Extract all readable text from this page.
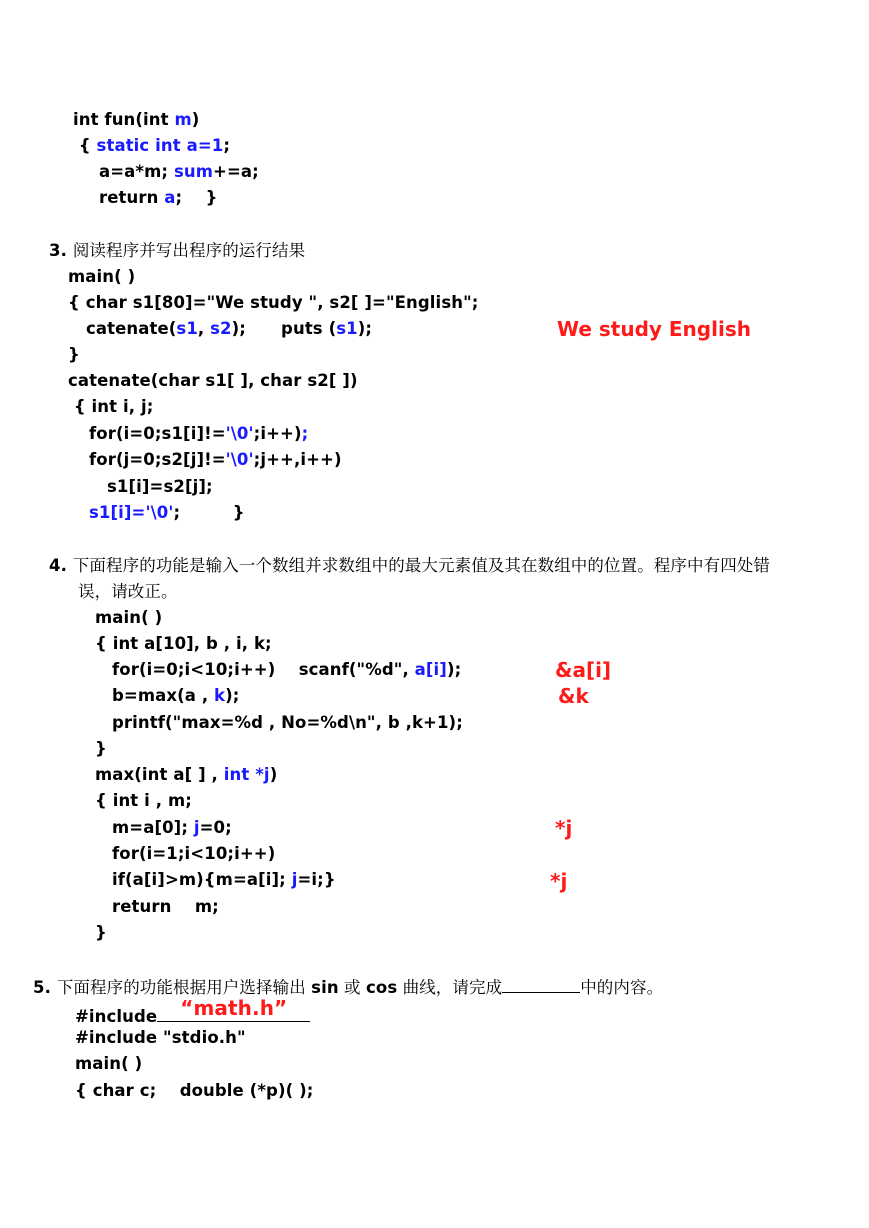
int fun(int m)
{ static int a=1;
a=a*m; sum+=a;
return a;    }
3. 阅读程序并写出程序的运行结果
main( )
{ char s1[80]="We study ", s2[ ]="English";
catenate(s1, s2);      puts (s1);	We study English
}
catenate(char s1[ ], char s2[ ])
{ int i, j;
for(i=0;s1[i]!='\0';i++);
for(j=0;s2[j]!='\0';j++,i++)
s1[i]=s2[j];
s1[i]='\0';         }
4. 下面程序的功能是输入一个数组并求数组中的最大元素值及其在数组中的位置。程序中有四处错
误，请改正。
main( )
{ int a[10], b , i, k;
for(i=0;i<10;i++)    scanf("%d", a[i]);	&a[i]
b=max(a , k);	&k
printf("max=%d , No=%d\n", b ,k+1);
}
max(int a[ ] , int *j)
{ int i , m;
m=a[0]; j=0;	*j
for(i=1;i<10;i++)
if(a[i]>m){m=a[i]; j=i;}	*j
return    m;
}
5. 下面程序的功能根据用户选择输出 sin 或 cos 曲线，请完成	中的内容。
#include “math.h”
#include "stdio.h"
main( )
{ char c;    double (*p)( );
